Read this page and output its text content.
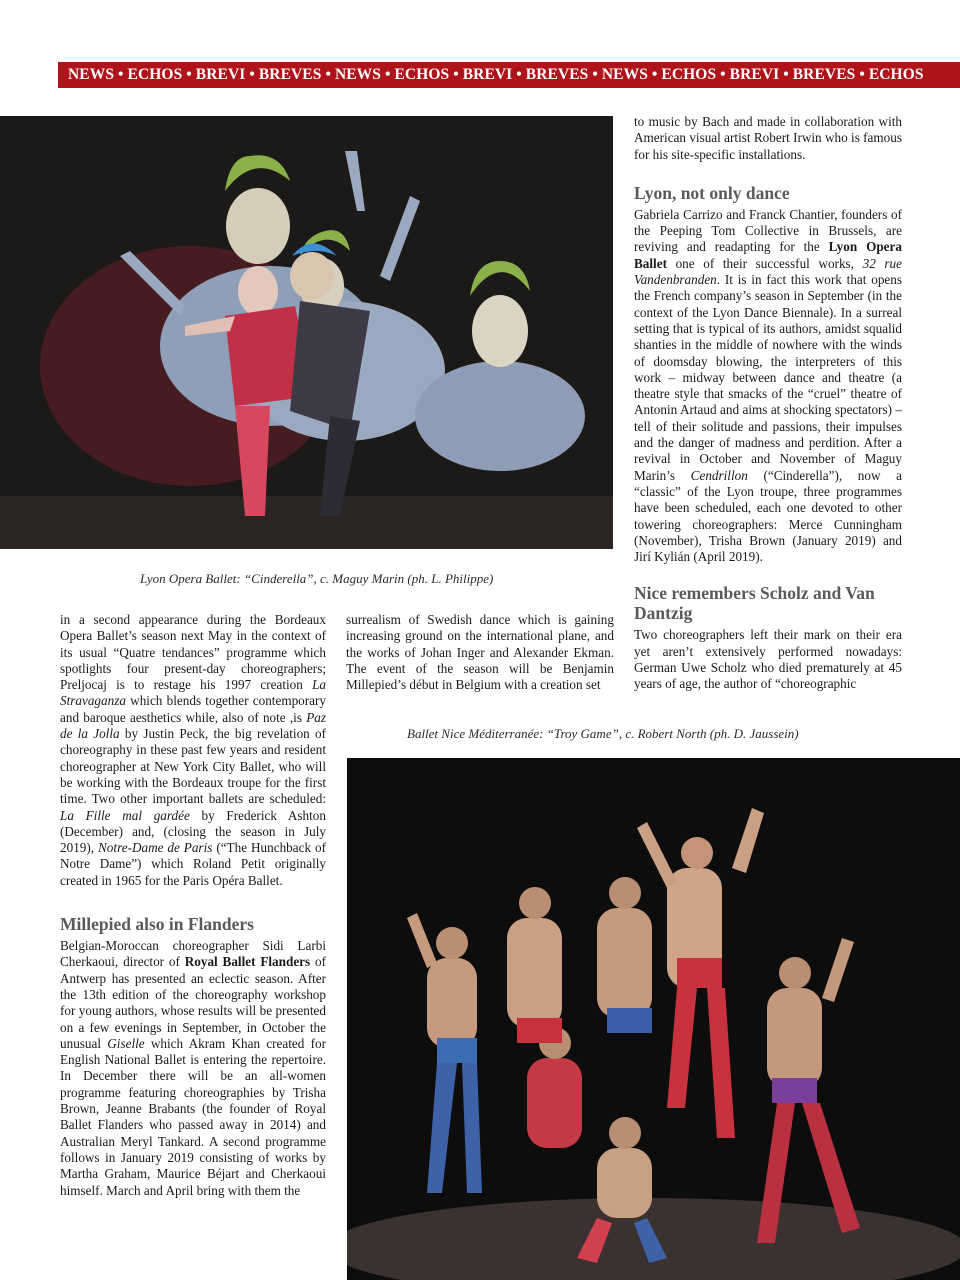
NEWS • ECHOS • BREVI • BREVES • NEWS • ECHOS • BREVI • BREVES • NEWS • ECHOS • BREVI • BREVES • ECHOS
Lyon Opera Ballet: “Cinderella”, c. Maguy Marin (ph. L. Philippe)

to music by Bach and made in collaboration with American visual artist Robert Irwin who is famous for his site-specific installations.

Lyon, not only dance

Gabriela Carrizo and Franck Chantier, founders of the Peeping Tom Collective in Brussels, are reviving and readapting for the Lyon Opera Ballet one of their successful works, 32 rue Vandenbranden. It is in fact this work that opens the French company’s season in September (in the context of the Lyon Dance Biennale). In a surreal setting that is typical of its authors, amidst squalid shanties in the middle of nowhere with the winds of doomsday blowing, the interpreters of this work – midway between dance and theatre (a theatre style that smacks of the “cruel” theatre of Antonin Artaud and aims at shocking spectators) – tell of their solitude and passions, their impulses and the danger of madness and perdition. After a revival in October and November of Maguy Marin’s Cendrillon (“Cinderella”), now a “classic” of the Lyon troupe, three programmes have been scheduled, each one devoted to other towering choreographers: Merce Cunningham (November), Trisha Brown (January 2019) and Jirí Kylián (April 2019).

Nice remembers Scholz and Van Dantzig

Two choreographers left their mark on their era yet aren’t extensively performed nowadays: German Uwe Scholz who died prematurely at 45 years of age, the author of “choreographic

in a second appearance during the Bordeaux Opera Ballet’s season next May in the context of its usual “Quatre tendances” programme which spotlights four present-day choreographers; Preljocaj is to restage his 1997 creation La Stravaganza which blends together contemporary and baroque aesthetics while, also of note ,is Paz de la Jolla by Justin Peck, the big revelation of choreography in these past few years and resident choreographer at New York City Ballet, who will be working with the Bordeaux troupe for the first time. Two other important ballets are scheduled: La Fille mal gardée by Frederick Ashton (December) and, (closing the season in July 2019), Notre-Dame de Paris (“The Hunchback of Notre Dame”) which Roland Petit originally created in 1965 for the Paris Opéra Ballet.

Millepied also in Flanders

Belgian-Moroccan choreographer Sidi Larbi Cherkaoui, director of Royal Ballet Flanders of Antwerp has presented an eclectic season. After the 13th edition of the choreography workshop for young authors, whose results will be presented on a few evenings in September, in October the unusual Giselle which Akram Khan created for English National Ballet is entering the repertoire. In December there will be an all-women programme featuring choreographies by Trisha Brown, Jeanne Brabants (the founder of Royal Ballet Flanders who passed away in 2014) and Australian Meryl Tankard. A second programme follows in January 2019 consisting of works by Martha Graham, Maurice Béjart and Cherkaoui himself. March and April bring with them the

surrealism of Swedish dance which is gaining increasing ground on the international plane, and the works of Johan Inger and Alexander Ekman. The event of the season will be Benjamin Millepied’s début in Belgium with a creation set

Ballet Nice Méditerranée: “Troy Game”, c. Robert North (ph. D. Jaussein)
